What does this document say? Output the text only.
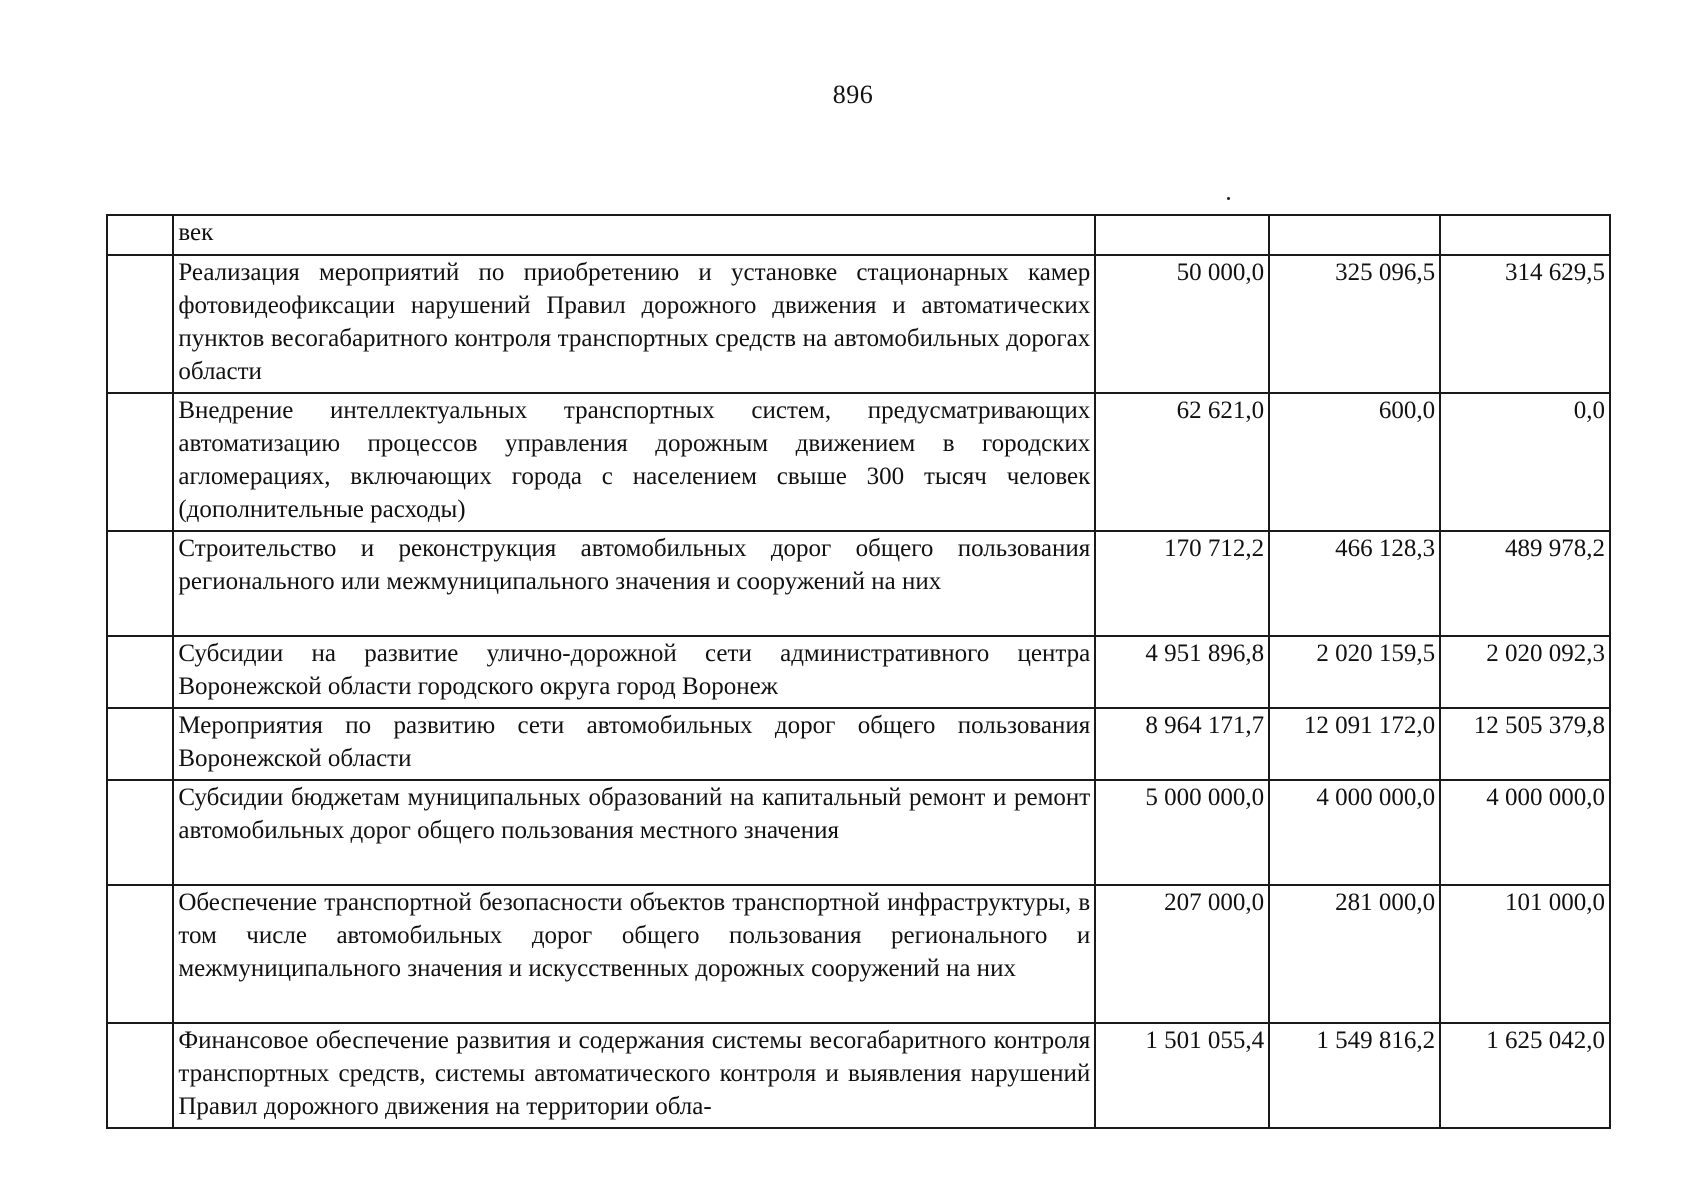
896
	век			
	Реализация мероприятий по приобретению и установке стационарных камер фотовидеофиксации нарушений Правил дорожного движения и автоматических пунктов весогабаритного контроля транспортных средств на автомобильных дорогах области	50 000,0	325 096,5	314 629,5
	Внедрение интеллектуальных транспортных систем, предусматривающих автоматизацию процессов управления дорожным движением в городских агломерациях, включающих города с населением свыше 300 тысяч человек (дополнительные расходы)	62 621,0	600,0	0,0
	Строительство и реконструкция автомобильных дорог общего пользования регионального или межмуниципального значения и сооружений на них	170 712,2	466 128,3	489 978,2
	Субсидии на развитие улично-дорожной сети административного центра Воронежской области городского округа город Воронеж	4 951 896,8	2 020 159,5	2 020 092,3
	Мероприятия по развитию сети автомобильных дорог общего пользования Воронежской области	8 964 171,7	12 091 172,0	12 505 379,8
	Субсидии бюджетам муниципальных образований на капитальный ремонт и ремонт автомобильных дорог общего пользования местного значения	5 000 000,0	4 000 000,0	4 000 000,0
	Обеспечение транспортной безопасности объектов транспортной инфраструктуры, в том числе автомобильных дорог общего пользования регионального и межмуниципального значения и искусственных дорожных сооружений на них	207 000,0	281 000,0	101 000,0
	Финансовое обеспечение развития и содержания системы весогабаритного контроля транспортных средств, системы автоматического контроля и выявления нарушений Правил дорожного движения на территории обла-	1 501 055,4	1 549 816,2	1 625 042,0
